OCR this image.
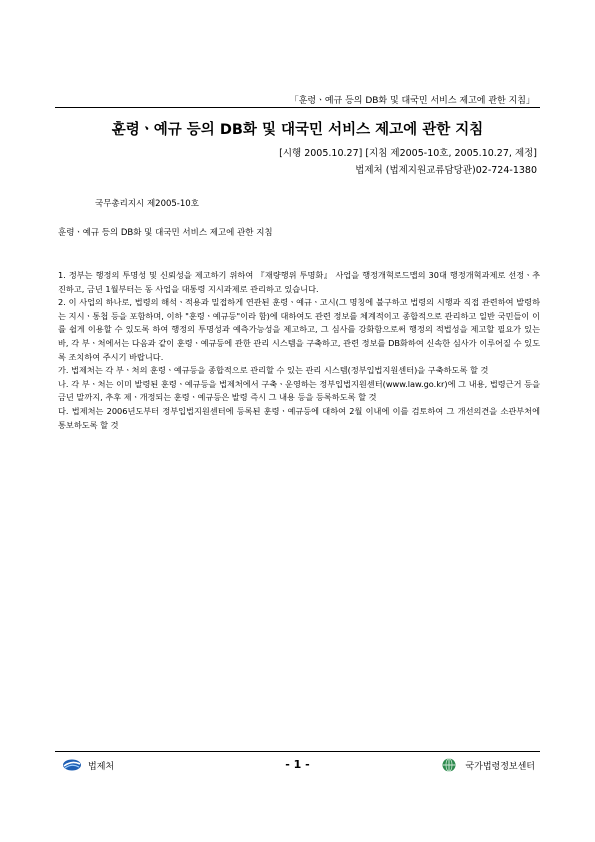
「훈령ㆍ예규 등의 DB화 및 대국민 서비스 제고에 관한 지침」
훈령ㆍ예규 등의 DB화 및 대국민 서비스 제고에 관한 지침
[시행 2005.10.27] [지침 제2005-10호, 2005.10.27, 제정]
법제처 (법제지원교류담당관)02-724-1380
국무총리지시 제2005-10호
훈령ㆍ예규 등의 DB화 및 대국민 서비스 제고에 관한 지침

1. 정부는 행정의 투명성 및 신뢰성을 제고하기 위하여 『재량행위 투명화』 사업을 행정개혁로드맵의 30대 행정개혁과제로 선정ㆍ추진하고, 금년 1월부터는 동 사업을 대통령 지시과제로 관리하고 있습니다.

2. 이 사업의 하나로, 법령의 해석ㆍ적용과 밀접하게 연관된 훈령ㆍ예규ㆍ고시(그 명칭에 불구하고 법령의 시행과 직접 관련하여 발령하는 지시ㆍ통첩 등을 포함하며, 이하 "훈령ㆍ예규등"이라 함)에 대하여도 관련 정보를 체계적이고 종합적으로 관리하고 일반 국민들이 이를 쉽게 이용할 수 있도록 하여 행정의 투명성과 예측가능성을 제고하고, 그 심사를 강화함으로써 행정의 적법성을 제고할 필요가 있는 바, 각 부ㆍ처에서는 다음과 같이 훈령ㆍ예규등에 관한 관리 시스템을 구축하고, 관련 정보를 DB화하여 신속한 심사가 이루어질 수 있도록 조치하여 주시기 바랍니다.

가. 법제처는 각 부ㆍ처의 훈령ㆍ예규등을 종합적으로 관리할 수 있는 관리 시스템(정부입법지원센터)을 구축하도록 할 것

나. 각 부ㆍ처는 이미 발령된 훈령ㆍ예규등을 법제처에서 구축ㆍ운영하는 정부입법지원센터(www.law.go.kr)에 그 내용, 법령근거 등을 금년 말까지, 추후 제ㆍ개정되는 훈령ㆍ예규등은 발령 즉시 그 내용 등을 등록하도록 할 것

다. 법제처는 2006년도부터 정부입법지원센터에 등록된 훈령ㆍ예규등에 대하여 2월 이내에 이를 검토하여 그 개선의견을 소관부처에 통보하도록 할 것

법제처	- 1 -	국가법령정보센터
